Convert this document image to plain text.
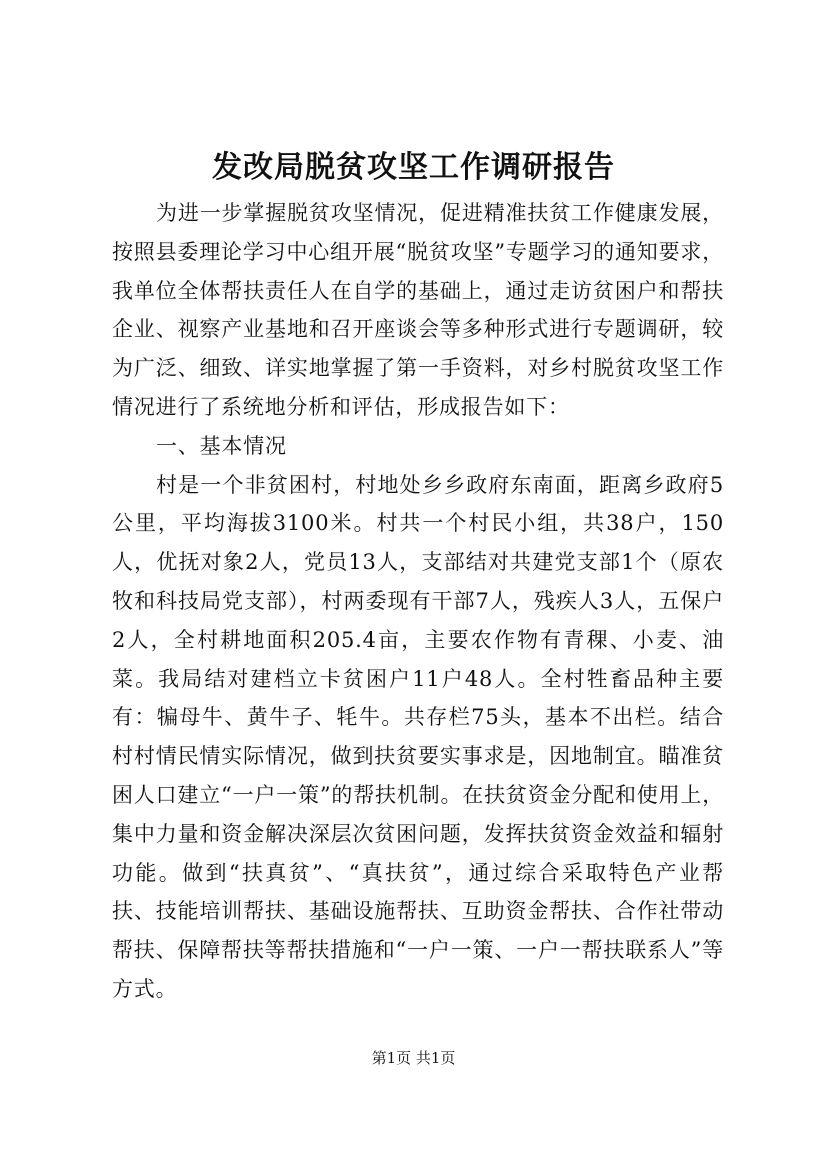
发改局脱贫攻坚工作调研报告

为进一步掌握脱贫攻坚情况，促进精准扶贫工作健康发展，按照县委理论学习中心组开展“脱贫攻坚”专题学习的通知要求，我单位全体帮扶责任人在自学的基础上，通过走访贫困户和帮扶企业、视察产业基地和召开座谈会等多种形式进行专题调研，较为广泛、细致、详实地掌握了第一手资料，对乡村脱贫攻坚工作情况进行了系统地分析和评估，形成报告如下：

一、基本情况

村是一个非贫困村，村地处乡乡政府东南面，距离乡政府5公里，平均海拔3100米。村共一个村民小组，共38户，150人，优抚对象2人，党员13人，支部结对共建党支部1个（原农牧和科技局党支部），村两委现有干部7人，残疾人3人，五保户2人，全村耕地面积205.4亩，主要农作物有青稞、小麦、油菜。我局结对建档立卡贫困户11户48人。全村牲畜品种主要有：犏母牛、黄牛子、牦牛。共存栏75头，基本不出栏。结合村村情民情实际情况，做到扶贫要实事求是，因地制宜。瞄准贫困人口建立“一户一策”的帮扶机制。在扶贫资金分配和使用上，集中力量和资金解决深层次贫困问题，发挥扶贫资金效益和辐射功能。做到“扶真贫”、“真扶贫”，通过综合采取特色产业帮扶、技能培训帮扶、基础设施帮扶、互助资金帮扶、合作社带动帮扶、保障帮扶等帮扶措施和“一户一策、一户一帮扶联系人”等方式。

第1页 共1页
